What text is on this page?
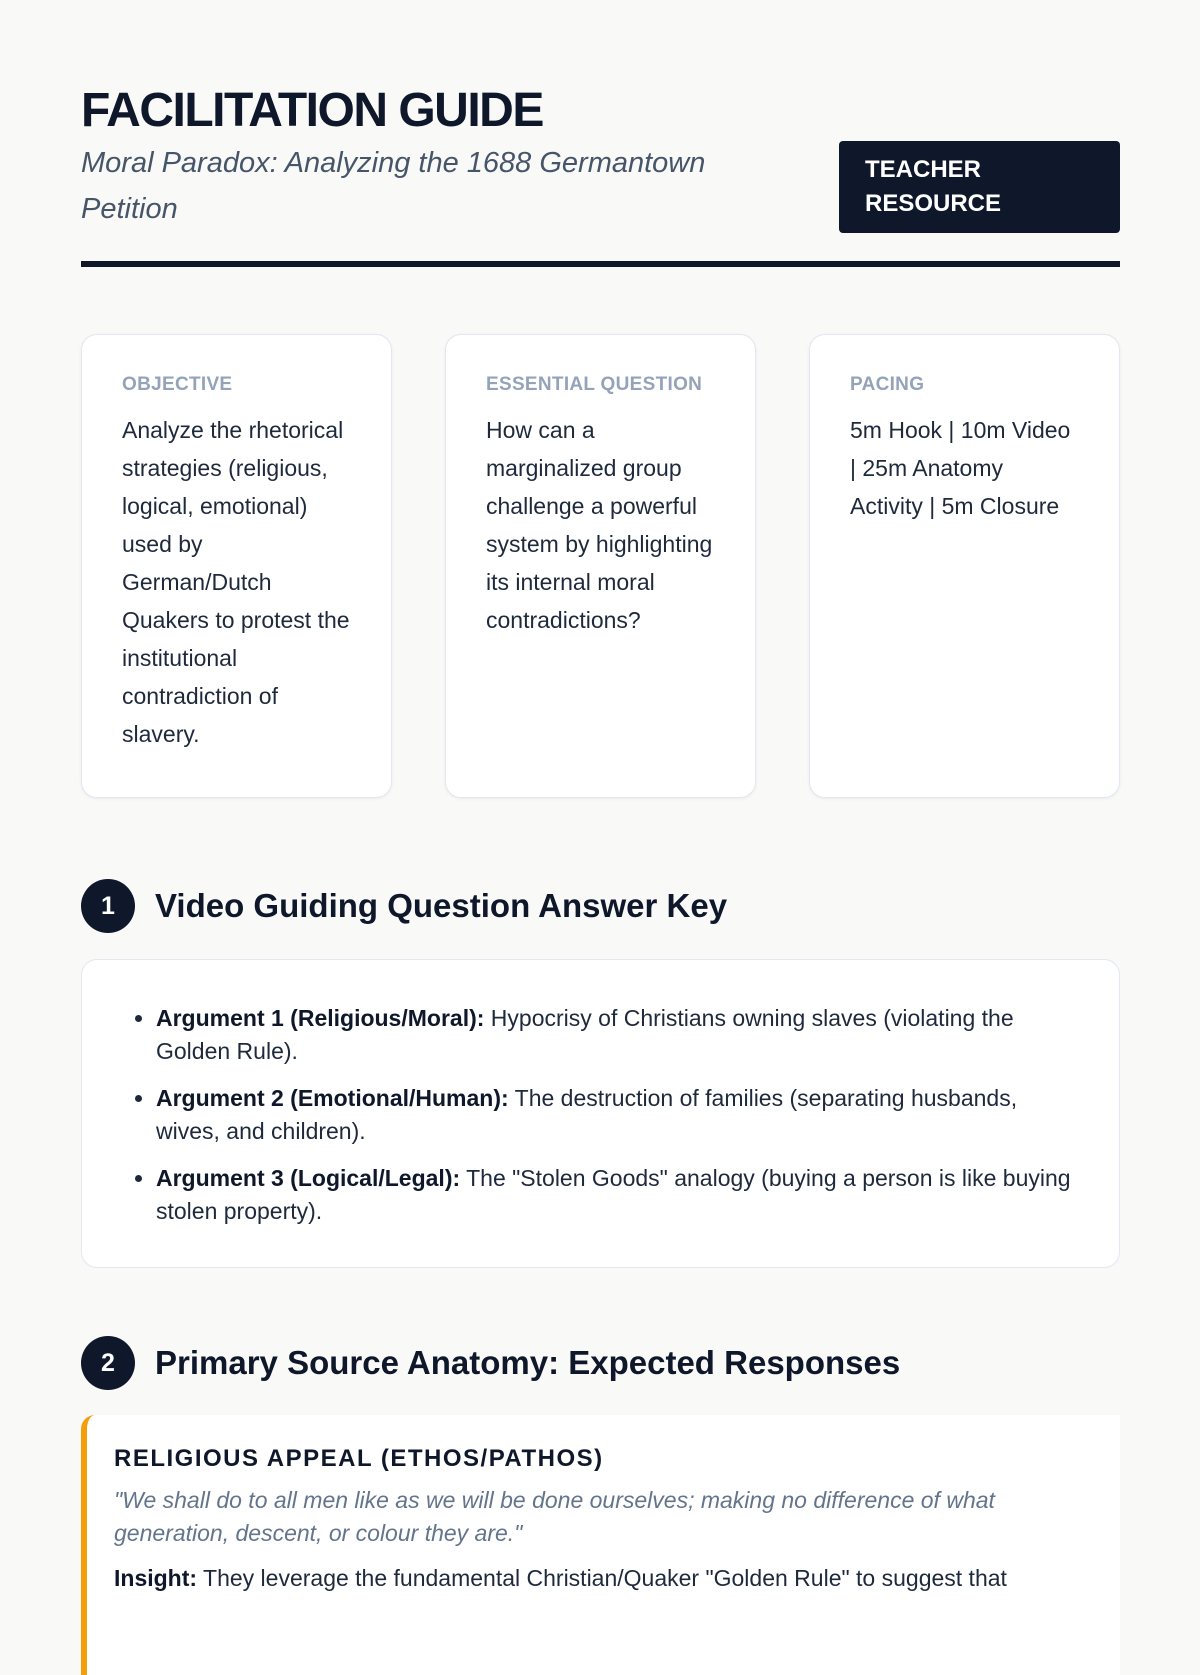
FACILITATION GUIDE

Moral Paradox: Analyzing the 1688 Germantown Petition

TEACHER RESOURCE
OBJECTIVE
Analyze the rhetorical strategies (religious, logical, emotional) used by German/Dutch Quakers to protest the institutional contradiction of slavery.
ESSENTIAL QUESTION
How can a marginalized group challenge a powerful system by highlighting its internal moral contradictions?
PACING
5m Hook | 10m Video | 25m Anatomy Activity | 5m Closure
1	Video Guiding Question Answer Key
• Argument 1 (Religious/Moral): Hypocrisy of Christians owning slaves (violating the Golden Rule).
• Argument 2 (Emotional/Human): The destruction of families (separating husbands, wives, and children).
• Argument 3 (Logical/Legal): The "Stolen Goods" analogy (buying a person is like buying stolen property).
2	Primary Source Anatomy: Expected Responses
RELIGIOUS APPEAL (ETHOS/PATHOS)
"We shall do to all men like as we will be done ourselves; making no difference of what generation, descent, or colour they are."
Insight: They leverage the fundamental Christian/Quaker "Golden Rule" to suggest that
